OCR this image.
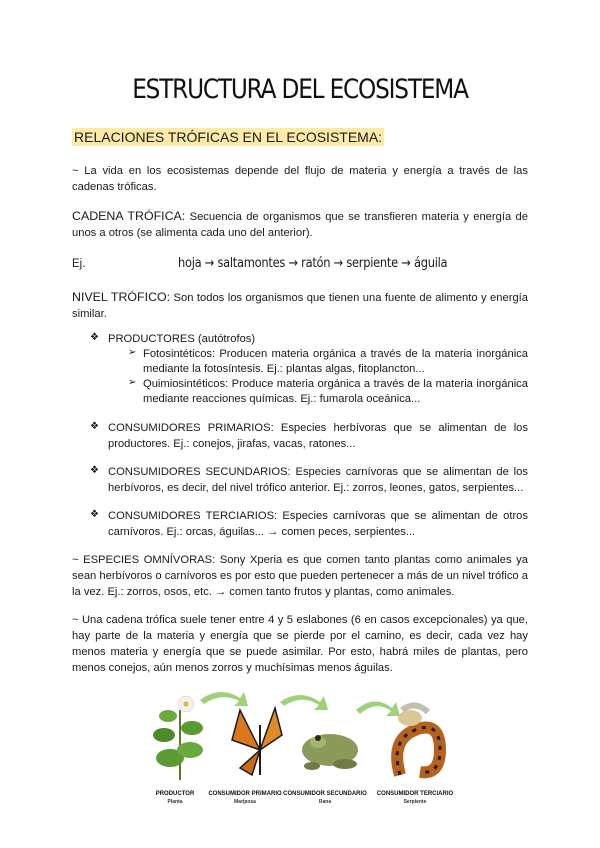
ESTRUCTURA DEL ECOSISTEMA
RELACIONES TRÓFICAS EN EL ECOSISTEMA:
~ La vida en los ecosistemas depende del flujo de materia y energía a través de las cadenas tróficas.
CADENA TRÓFICA: Secuencia de organismos que se transfieren materia y energía de unos a otros (se alimenta cada uno del anterior).
Ej.	hoja → saltamontes → ratón → serpiente → águila
NIVEL TRÓFICO: Son todos los organismos que tienen una fuente de alimento y energía similar.
❖ PRODUCTORES (autótrofos)
➢ Fotosintéticos: Producen materia orgánica a través de la materia inorgánica mediante la fotosíntesis. Ej.: plantas algas, fitoplancton...
➢ Quimiosintéticos: Produce materia orgánica a través de la materia inorgánica mediante reacciones químicas. Ej.: fumarola oceánica...
❖ CONSUMIDORES PRIMARIOS: Especies herbívoras que se alimentan de los productores. Ej.: conejos, jirafas, vacas, ratones...
❖ CONSUMIDORES SECUNDARIOS: Especies carnívoras que se alimentan de los herbívoros, es decir, del nivel trófico anterior. Ej.: zorros, leones, gatos, serpientes...
❖ CONSUMIDORES TERCIARIOS: Especies carnívoras que se alimentan de otros carnívoros. Ej.: orcas, águilas... → comen peces, serpientes...
~ ESPECIES OMNÍVORAS: Sony Xperia es que comen tanto plantas como animales ya sean herbívoros o carnívoros es por esto que pueden pertenecer a más de un nivel trófico a la vez. Ej.: zorros, osos, etc. → comen tanto frutos y plantas, como animales.
~ Una cadena trófica suele tener entre 4 y 5 eslabones (6 en casos excepcionales) ya que, hay parte de la materia y energía que se pierde por el camino, es decir, cada vez hay menos materia y energía que se puede asimilar. Por esto, habrá miles de plantas, pero menos conejos, aún menos zorros y muchísimas menos águilas.
PRODUCTOR
Planta
CONSUMIDOR PRIMARIO
Mariposa
CONSUMIDOR SECUNDARIO
Rana
CONSUMIDOR TERCIARIO
Serpiente
